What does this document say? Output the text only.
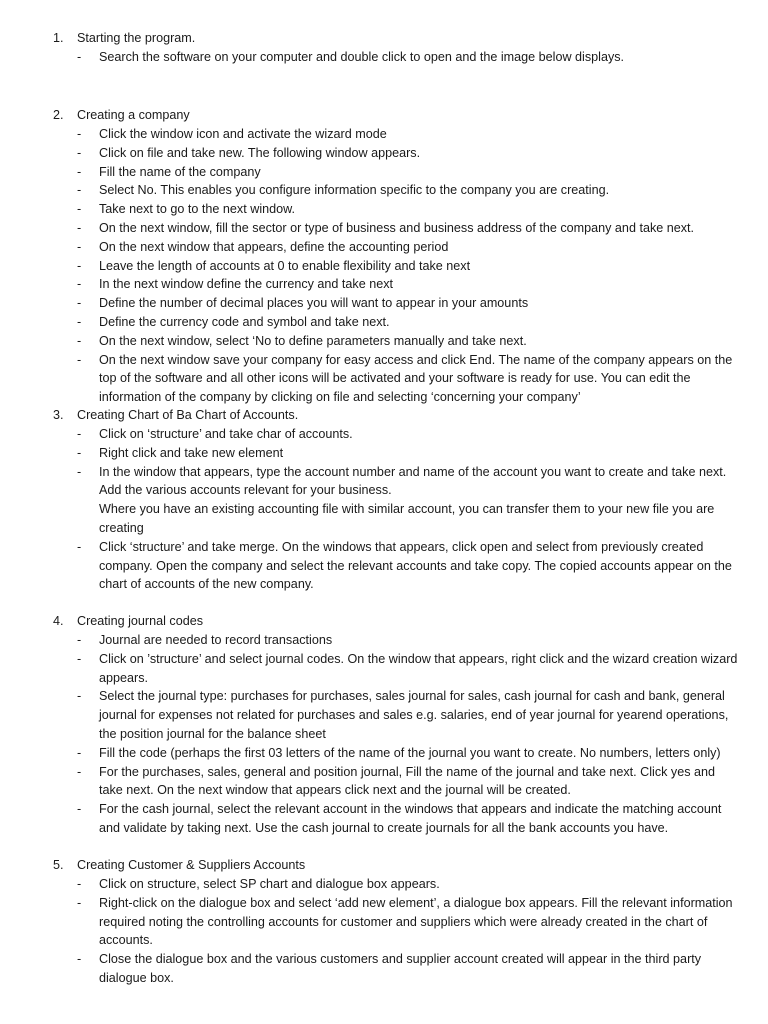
1. Starting the program.
- Search the software on your computer and double click to open and the image below displays.
2. Creating a company
- Click the window icon and activate the wizard mode
- Click on file and take new. The following window appears.
- Fill the name of the company
- Select No. This enables you configure information specific to the company you are creating.
- Take next to go to the next window.
- On the next window, fill the sector or type of business and business address of the company and take next.
- On the next window that appears, define the accounting period
- Leave the length of accounts at 0 to enable flexibility and take next
- In the next window define the currency and take next
- Define the number of decimal places you will want to appear in your amounts
- Define the currency code and symbol and take next.
- On the next window, select ‘No to define parameters manually and take next.
- On the next window save your company for easy access and click End. The name of the company appears on the top of the software and all other icons will be activated and your software is ready for use. You can edit the information of the company by clicking on file and selecting ‘concerning your company’
3. Creating Chart of Ba Chart of Accounts.
- Click on ‘structure’ and take char of accounts.
- Right click and take new element
- In the window that appears, type the account number and name of the account you want to create and take next. Add the various accounts relevant for your business.
Where you have an existing accounting file with similar account, you can transfer them to your new file you are creating
- Click ‘structure’ and take merge. On the windows that appears, click open and select from previously created company. Open the company and select the relevant accounts and take copy. The copied accounts appear on the chart of accounts of the new company.
4. Creating journal codes
- Journal are needed to record transactions
- Click on ’structure’ and select journal codes. On the window that appears, right click and the wizard creation wizard appears.
- Select the journal type: purchases for purchases, sales journal for sales, cash journal for cash and bank, general journal for expenses not related for purchases and sales e.g. salaries, end of year journal for yearend operations, the position journal for the balance sheet
- Fill the code (perhaps the first 03 letters of the name of the journal you want to create. No numbers, letters only)
- For the purchases, sales, general and position journal, Fill the name of the journal and take next. Click yes and take next. On the next window that appears click next and the journal will be created.
- For the cash journal, select the relevant account in the windows that appears and indicate the matching account and validate by taking next. Use the cash journal to create journals for all the bank accounts you have.
5. Creating Customer & Suppliers Accounts
- Click on structure, select SP chart and dialogue box appears.
- Right-click on the dialogue box and select ‘add new element’, a dialogue box appears. Fill the relevant information required noting the controlling accounts for customer and suppliers which were already created in the chart of accounts.
- Close the dialogue box and the various customers and supplier account created will appear in the third party dialogue box.
